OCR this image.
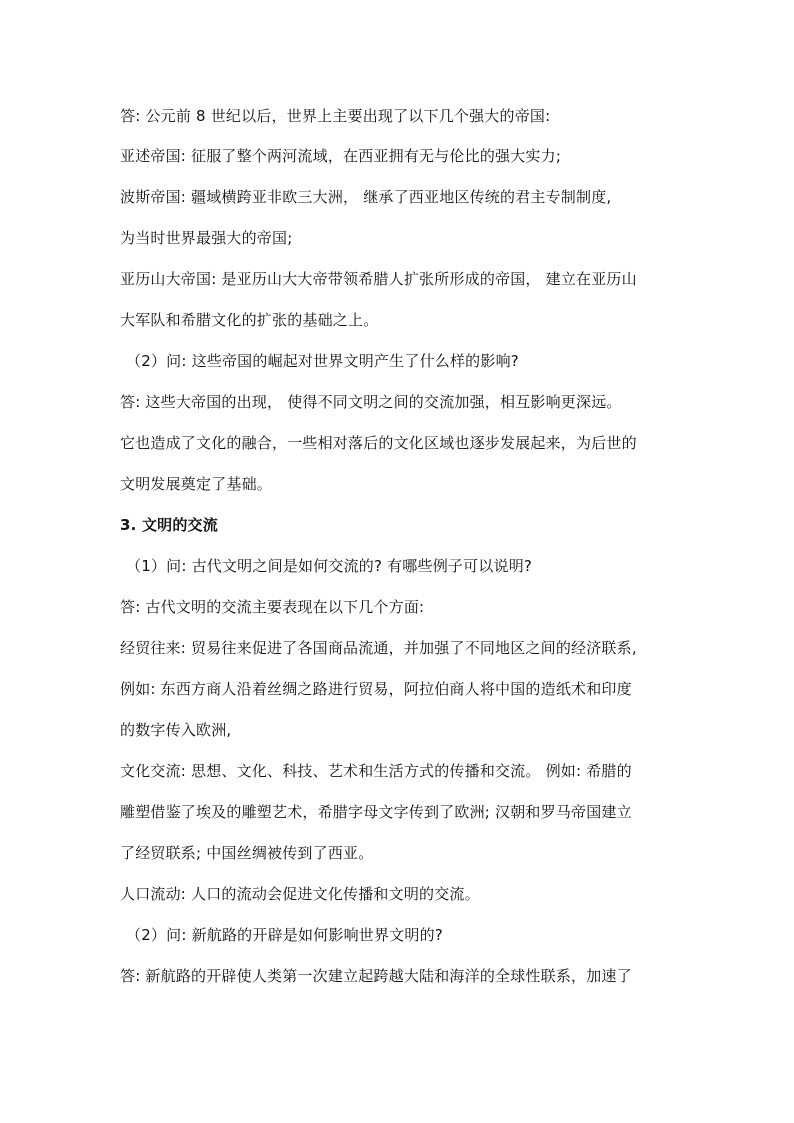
答: 公元前 8 世纪以后，世界上主要出现了以下几个强大的帝国:
亚述帝国: 征服了整个两河流域，在西亚拥有无与伦比的强大实力;
波斯帝国: 疆域横跨亚非欧三大洲， 继承了西亚地区传统的君主专制制度,
为当时世界最强大的帝国;
亚历山大帝国: 是亚历山大大帝带领希腊人扩张所形成的帝国， 建立在亚历山
大军队和希腊文化的扩张的基础之上。
（2）问: 这些帝国的崛起对世界文明产生了什么样的影响?
答: 这些大帝国的出现， 使得不同文明之间的交流加强，相互影响更深远。
它也造成了文化的融合，一些相对落后的文化区域也逐步发展起来，为后世的
文明发展奠定了基础。
3. 文明的交流
（1）问: 古代文明之间是如何交流的? 有哪些例子可以说明?
答: 古代文明的交流主要表现在以下几个方面:
经贸往来: 贸易往来促进了各国商品流通，并加强了不同地区之间的经济联系,
例如: 东西方商人沿着丝绸之路进行贸易，阿拉伯商人将中国的造纸术和印度
的数字传入欧洲,
文化交流: 思想、文化、科技、艺术和生活方式的传播和交流。 例如: 希腊的
雕塑借鉴了埃及的雕塑艺术，希腊字母文字传到了欧洲; 汉朝和罗马帝国建立
了经贸联系; 中国丝绸被传到了西亚。
人口流动: 人口的流动会促进文化传播和文明的交流。
（2）问: 新航路的开辟是如何影响世界文明的?
答: 新航路的开辟使人类第一次建立起跨越大陆和海洋的全球性联系，加速了
